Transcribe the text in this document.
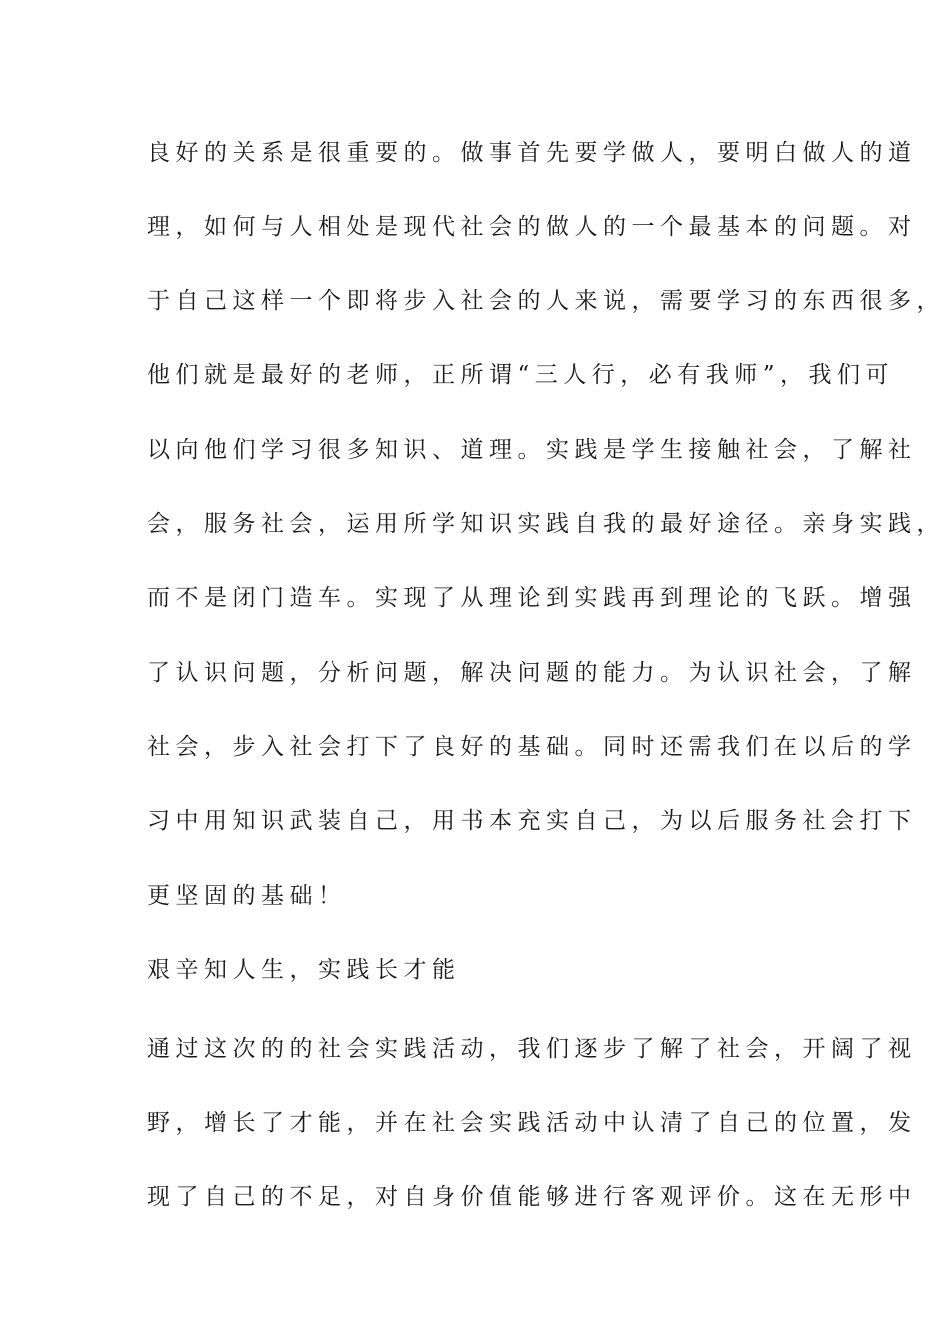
良好的关系是很重要的。做事首先要学做人，要明白做人的道
理，如何与人相处是现代社会的做人的一个最基本的问题。对
于自己这样一个即将步入社会的人来说，需要学习的东西很多，
他们就是最好的老师，正所谓“三人行，必有我师”，我们可
以向他们学习很多知识、道理。实践是学生接触社会，了解社
会，服务社会，运用所学知识实践自我的最好途径。亲身实践，
而不是闭门造车。实现了从理论到实践再到理论的飞跃。增强
了认识问题，分析问题，解决问题的能力。为认识社会，了解
社会，步入社会打下了良好的基础。同时还需我们在以后的学
习中用知识武装自己，用书本充实自己，为以后服务社会打下
更坚固的基础！
艰辛知人生，实践长才能
通过这次的的社会实践活动，我们逐步了解了社会，开阔了视
野，增长了才能，并在社会实践活动中认清了自己的位置，发
现了自己的不足，对自身价值能够进行客观评价。这在无形中
